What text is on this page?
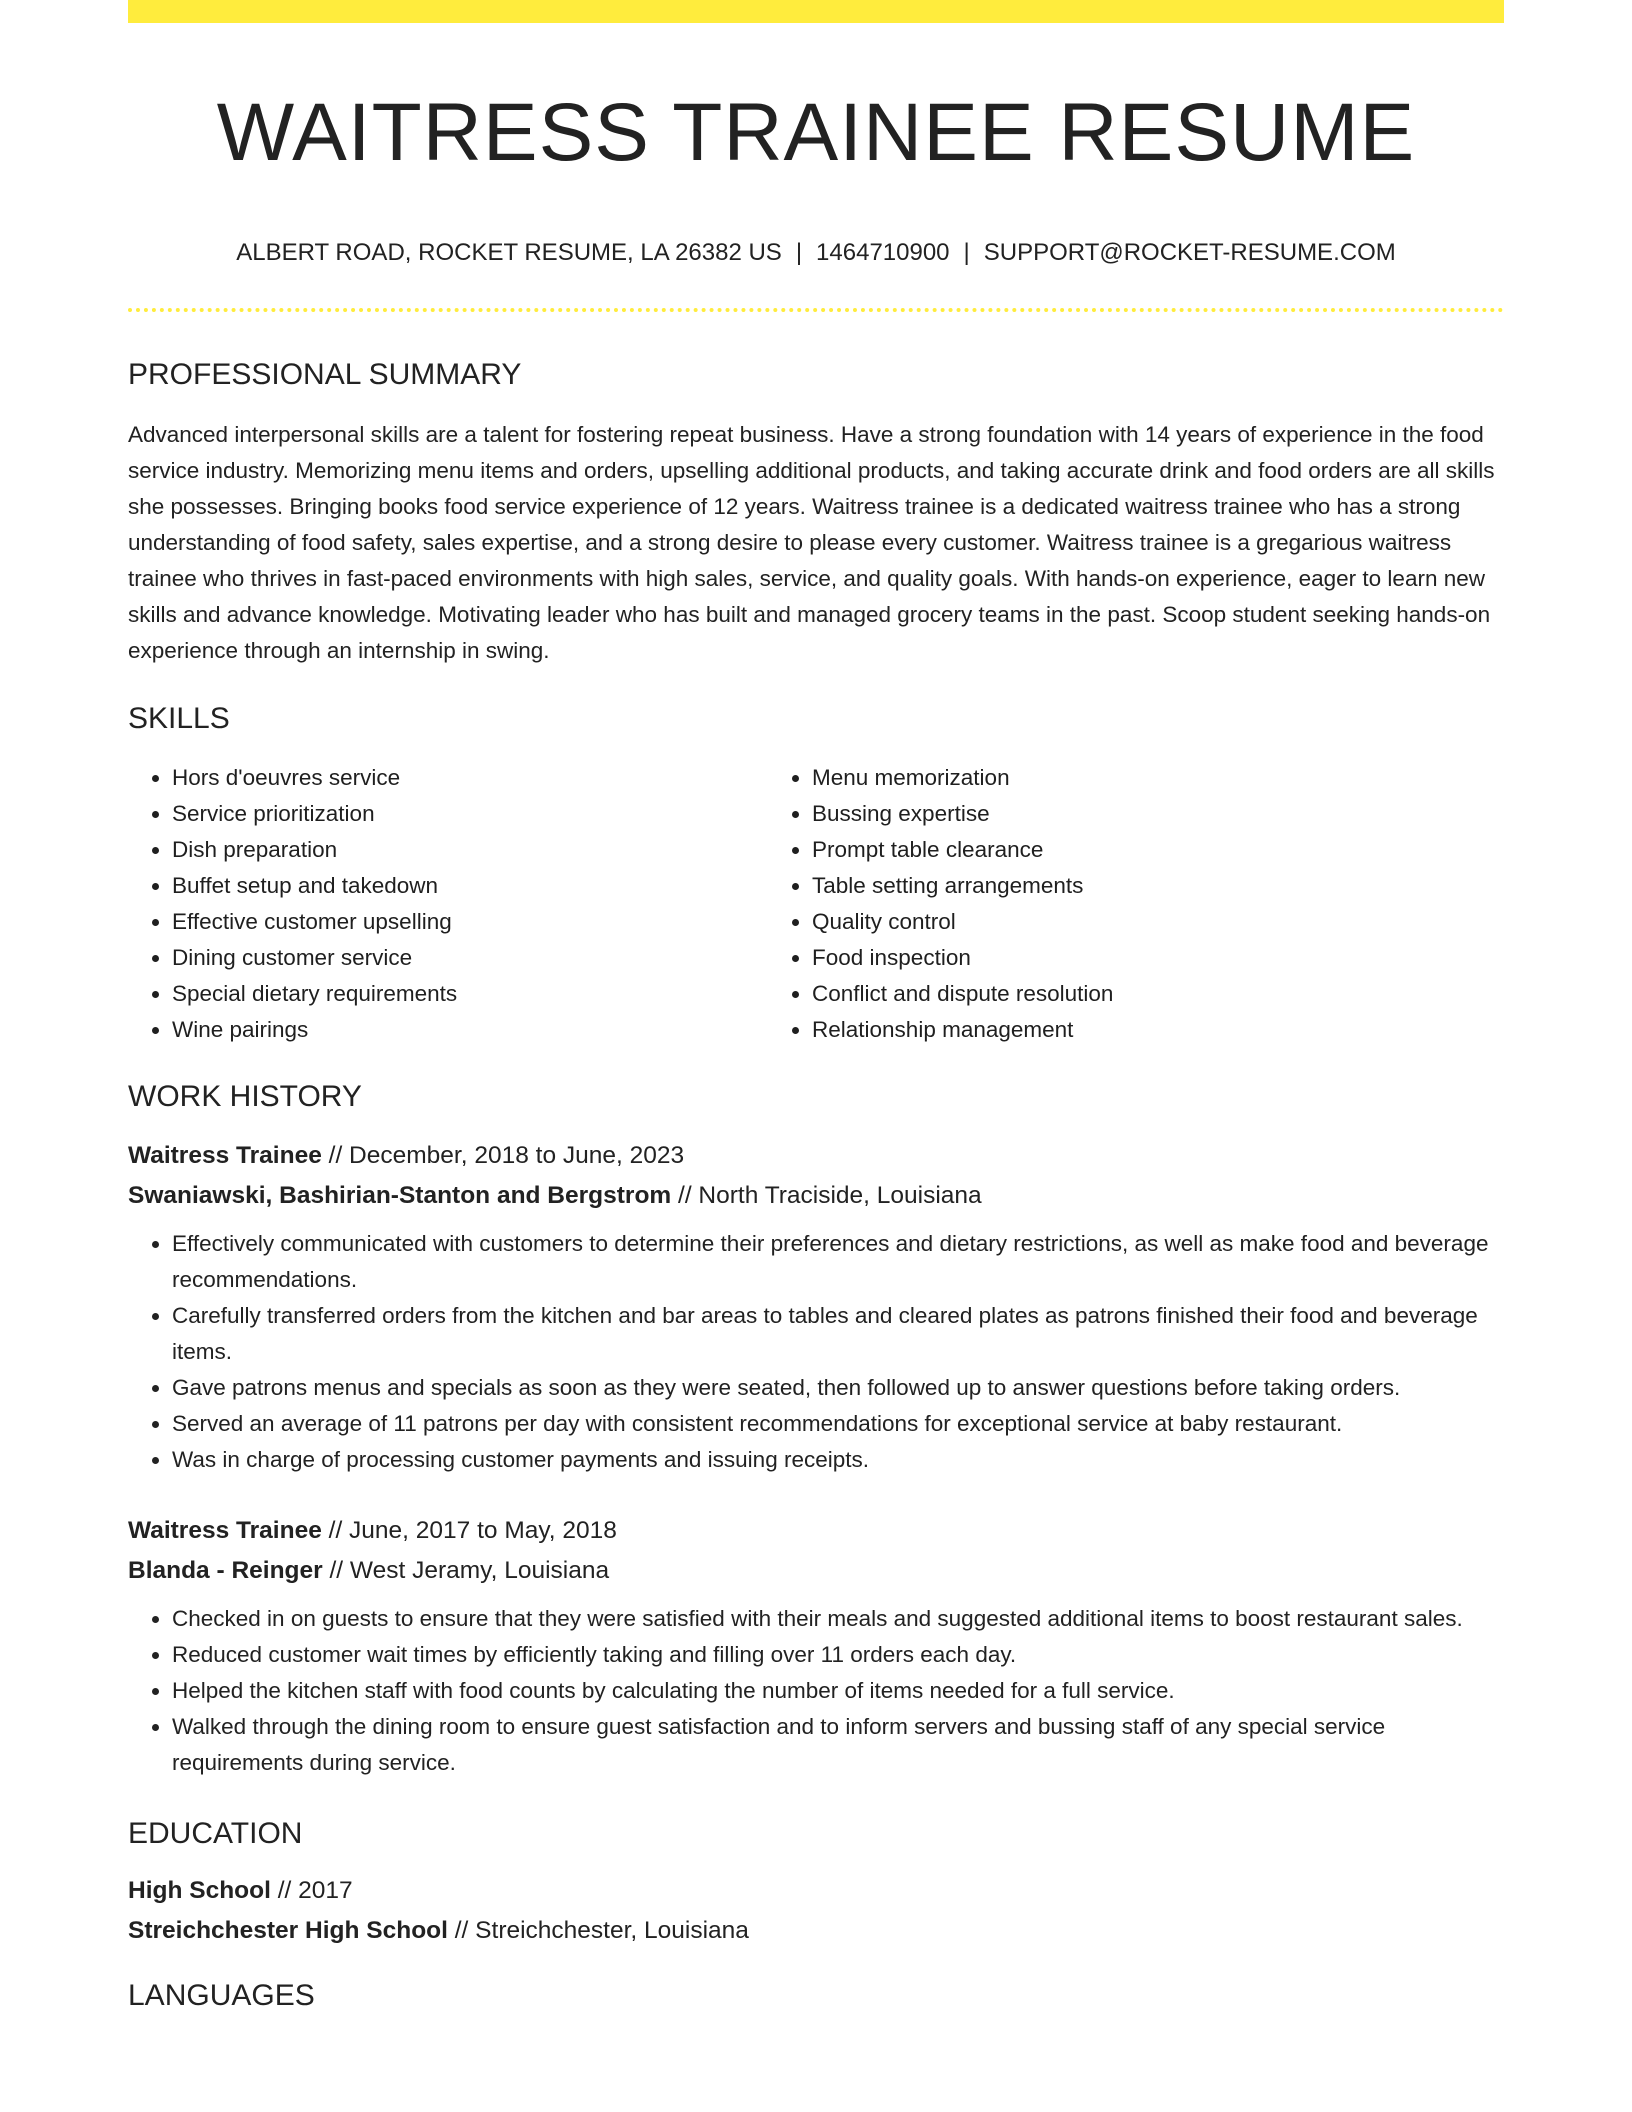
WAITRESS TRAINEE RESUME
ALBERT ROAD, ROCKET RESUME, LA 26382 US | 1464710900 | SUPPORT@ROCKET-RESUME.COM
PROFESSIONAL SUMMARY

Advanced interpersonal skills are a talent for fostering repeat business. Have a strong foundation with 14 years of experience in the food service industry. Memorizing menu items and orders, upselling additional products, and taking accurate drink and food orders are all skills she possesses. Bringing books food service experience of 12 years. Waitress trainee is a dedicated waitress trainee who has a strong understanding of food safety, sales expertise, and a strong desire to please every customer. Waitress trainee is a gregarious waitress trainee who thrives in fast-paced environments with high sales, service, and quality goals. With hands-on experience, eager to learn new skills and advance knowledge. Motivating leader who has built and managed grocery teams in the past. Scoop student seeking hands-on experience through an internship in swing.

SKILLS
• Hors d'oeuvres service
• Service prioritization
• Dish preparation
• Buffet setup and takedown
• Effective customer upselling
• Dining customer service
• Special dietary requirements
• Wine pairings
• Menu memorization
• Bussing expertise
• Prompt table clearance
• Table setting arrangements
• Quality control
• Food inspection
• Conflict and dispute resolution
• Relationship management
WORK HISTORY
Waitress Trainee // December, 2018 to June, 2023
Swaniawski, Bashirian-Stanton and Bergstrom // North Traciside, Louisiana
• Effectively communicated with customers to determine their preferences and dietary restrictions, as well as make food and beverage recommendations.
• Carefully transferred orders from the kitchen and bar areas to tables and cleared plates as patrons finished their food and beverage items.
• Gave patrons menus and specials as soon as they were seated, then followed up to answer questions before taking orders.
• Served an average of 11 patrons per day with consistent recommendations for exceptional service at baby restaurant.
• Was in charge of processing customer payments and issuing receipts.
Waitress Trainee // June, 2017 to May, 2018
Blanda - Reinger // West Jeramy, Louisiana
• Checked in on guests to ensure that they were satisfied with their meals and suggested additional items to boost restaurant sales.
• Reduced customer wait times by efficiently taking and filling over 11 orders each day.
• Helped the kitchen staff with food counts by calculating the number of items needed for a full service.
• Walked through the dining room to ensure guest satisfaction and to inform servers and bussing staff of any special service requirements during service.
EDUCATION
High School // 2017
Streichchester High School // Streichchester, Louisiana
LANGUAGES
